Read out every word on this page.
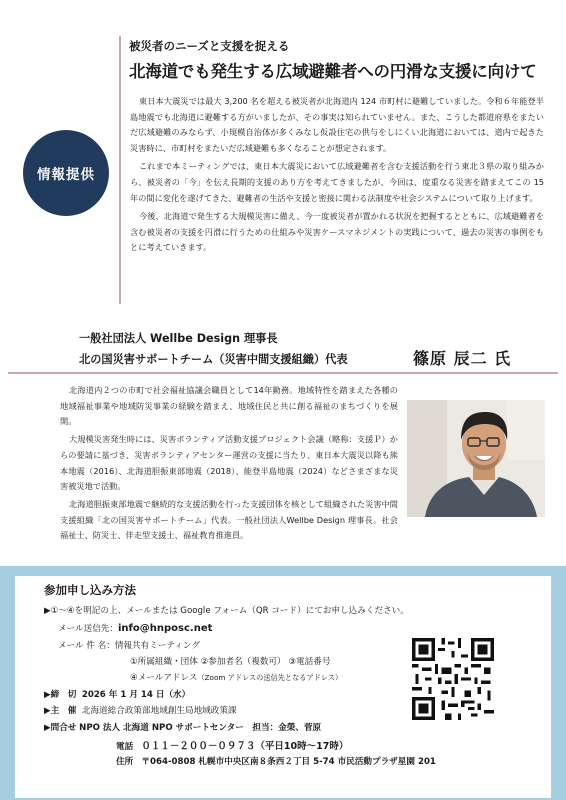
情報提供
被災者のニーズと支援を捉える
北海道でも発生する広域避難者への円滑な支援に向けて

東日本大震災では最大 3,200 名を超える被災者が北海道内 124 市町村に避難していました。令和６年能登半島地震でも北海道に避難する方がいましたが、その事実は知られていません。また、こうした都道府県をまたいだ広域避難のみならず、小規模自治体が多くみなし仮設住宅の供与をしにくい北海道においては、道内で起きた災害時に、市町村をまたいだ広域避難も多くなることが想定されます。

これまで本ミーティングでは、東日本大震災において広域避難者を含む支援活動を行う東北３県の取り組みから、被災者の「今」を伝え長期的支援のあり方を考えてきましたが、今回は、度重なる災害を踏まえてこの 15 年の間に変化を遂げてきた、避難者の生活や支援と密接に関わる法制度や社会システムについて取り上げます。

今後、北海道で発生する大規模災害に備え、今一度被災者が置かれる状況を把握するとともに、広域避難者を含む被災者の支援を円滑に行うための仕組みや災害ケースマネジメントの実践について、過去の災害の事例をもとに考えていきます。

一般社団法人 Wellbe Design 理事長
北の国災害サポートチーム（災害中間支援組織）代表	篠原 辰二 氏

北海道内２つの市町で社会福祉協議会職員として14年勤務。地域特性を踏まえた各種の地域福祉事業や地域防災事業の経験を踏まえ、地域住民と共に創る福祉のまちづくりを展開。

大規模災害発生時には、災害ボランティア活動支援プロジェクト会議（略称：支援Ｐ）からの要請に基づき、災害ボランティアセンター運営の支援に当たり、東日本大震災以降も熊本地震（2016）、北海道胆振東部地震（2018）、能登半島地震（2024）などさまざまな災害被災地で活動。

北海道胆振東部地震で継続的な支援活動を行った支援団体を核として組織された災害中間支援組織「北の国災害サポートチーム」代表。一般社団法人Wellbe Design 理事長。社会福祉士、防災士、伴走型支援士、福祉教育推進員。

参加申し込み方法
▶①～④を明記の上、メールまたは Google フォーム（QR コード）にてお申し込みください。
メール送信先：info@hnposc.net
メール 件 名：情報共有ミーティング
①所属組織・団体 ②参加者名（複数可） ③電話番号
④メールアドレス（Zoom アドレスの送信先となるアドレス）
▶締　切 2026 年 1 月 14 日（水）
▶主　催 北海道総合政策部地域創生局地域政策課
▶問合せ NPO 法人 北海道 NPO サポートセンター　担当：金榮、菅原
電話 ０１１－２００－０９７３（平日10時～17時）
住所 〒064-0808 札幌市中央区南８条西２丁目 5-74 市民活動プラザ星園 201
